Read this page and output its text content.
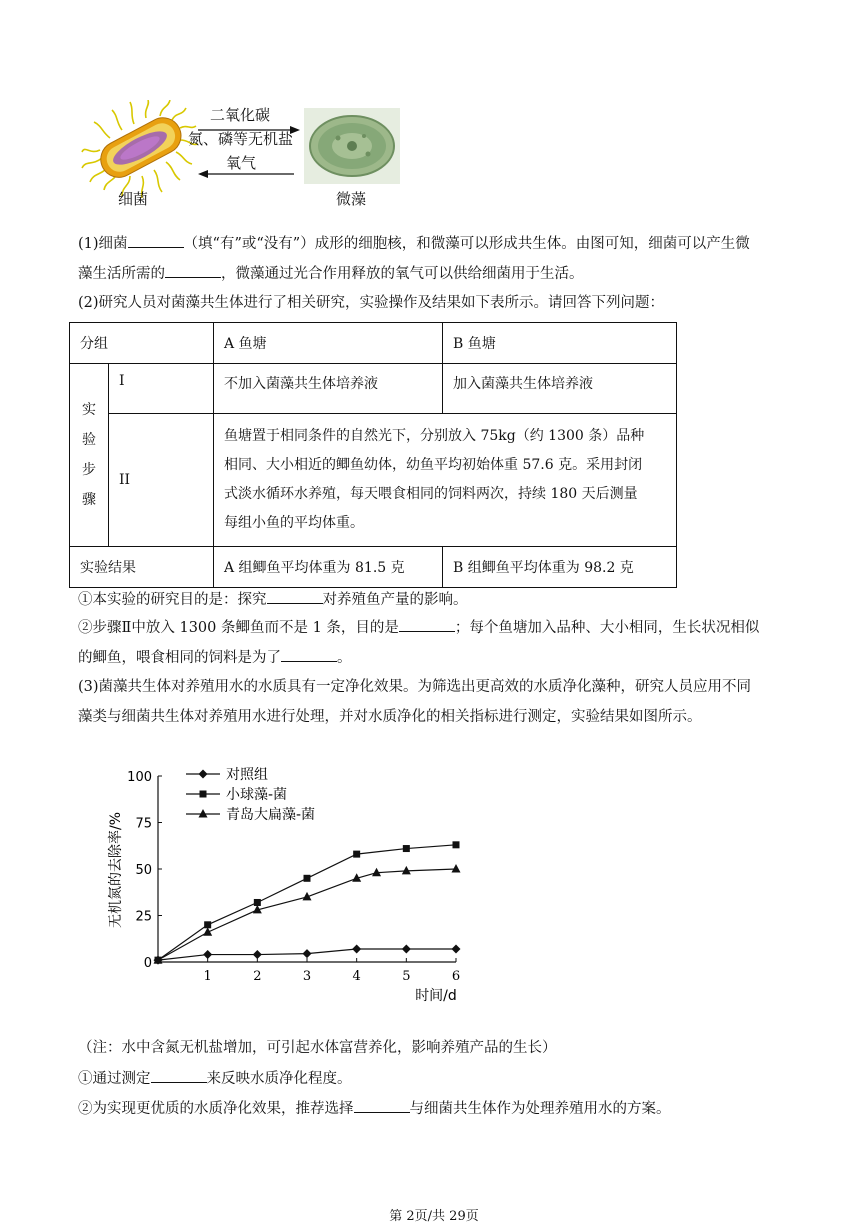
二氧化碳
氮、磷等无机盐
氧气
细菌	微藻
(1)细菌	（填“有”或“没有”）成形的细胞核，和微藻可以形成共生体。由图可知，细菌可以产生微
藻生活所需的	，微藻通过光合作用释放的氧气可以供给细菌用于生活。
(2)研究人员对菌藻共生体进行了相关研究，实验操作及结果如下表所示。请回答下列问题：
分组		A 鱼塘	B 鱼塘

实
验
步
骤	I	不加入菌藻共生体培养液	加入菌藻共生体培养液
	II	鱼塘置于相同条件的自然光下，分别放入 75kg（约 1300 条）品种
相同、大小相近的鲫鱼幼体，幼鱼平均初始体重 57.6 克。采用封闭
式淡水循环水养殖，每天喂食相同的饲料两次，持续 180 天后测量
每组小鱼的平均体重。	

实验结果		A 组鲫鱼平均体重为 81.5 克	B 组鲫鱼平均体重为 98.2 克
①本实验的研究目的是：探究	对养殖鱼产量的影响。
②步骤Ⅱ中放入 1300 条鲫鱼而不是 1 条，目的是	；每个鱼塘加入品种、大小相同，生长状况相似
的鲫鱼，喂食相同的饲料是为了	。
(3)菌藻共生体对养殖用水的水质具有一定净化效果。为筛选出更高效的水质净化藻种，研究人员应用不同
藻类与细菌共生体对养殖用水进行处理，并对水质净化的相关指标进行测定，实验结果如图所示。
0
25
50
75
100
1	2	3	4	5	6
对照组
小球藻-菌
青岛大扁藻-菌
无机氮的去除率/%
时间/d
（注：水中含氮无机盐增加，可引起水体富营养化，影响养殖产品的生长）
①通过测定	来反映水质净化程度。
②为实现更优质的水质净化效果，推荐选择	与细菌共生体作为处理养殖用水的方案。
第 2页/共 29页
